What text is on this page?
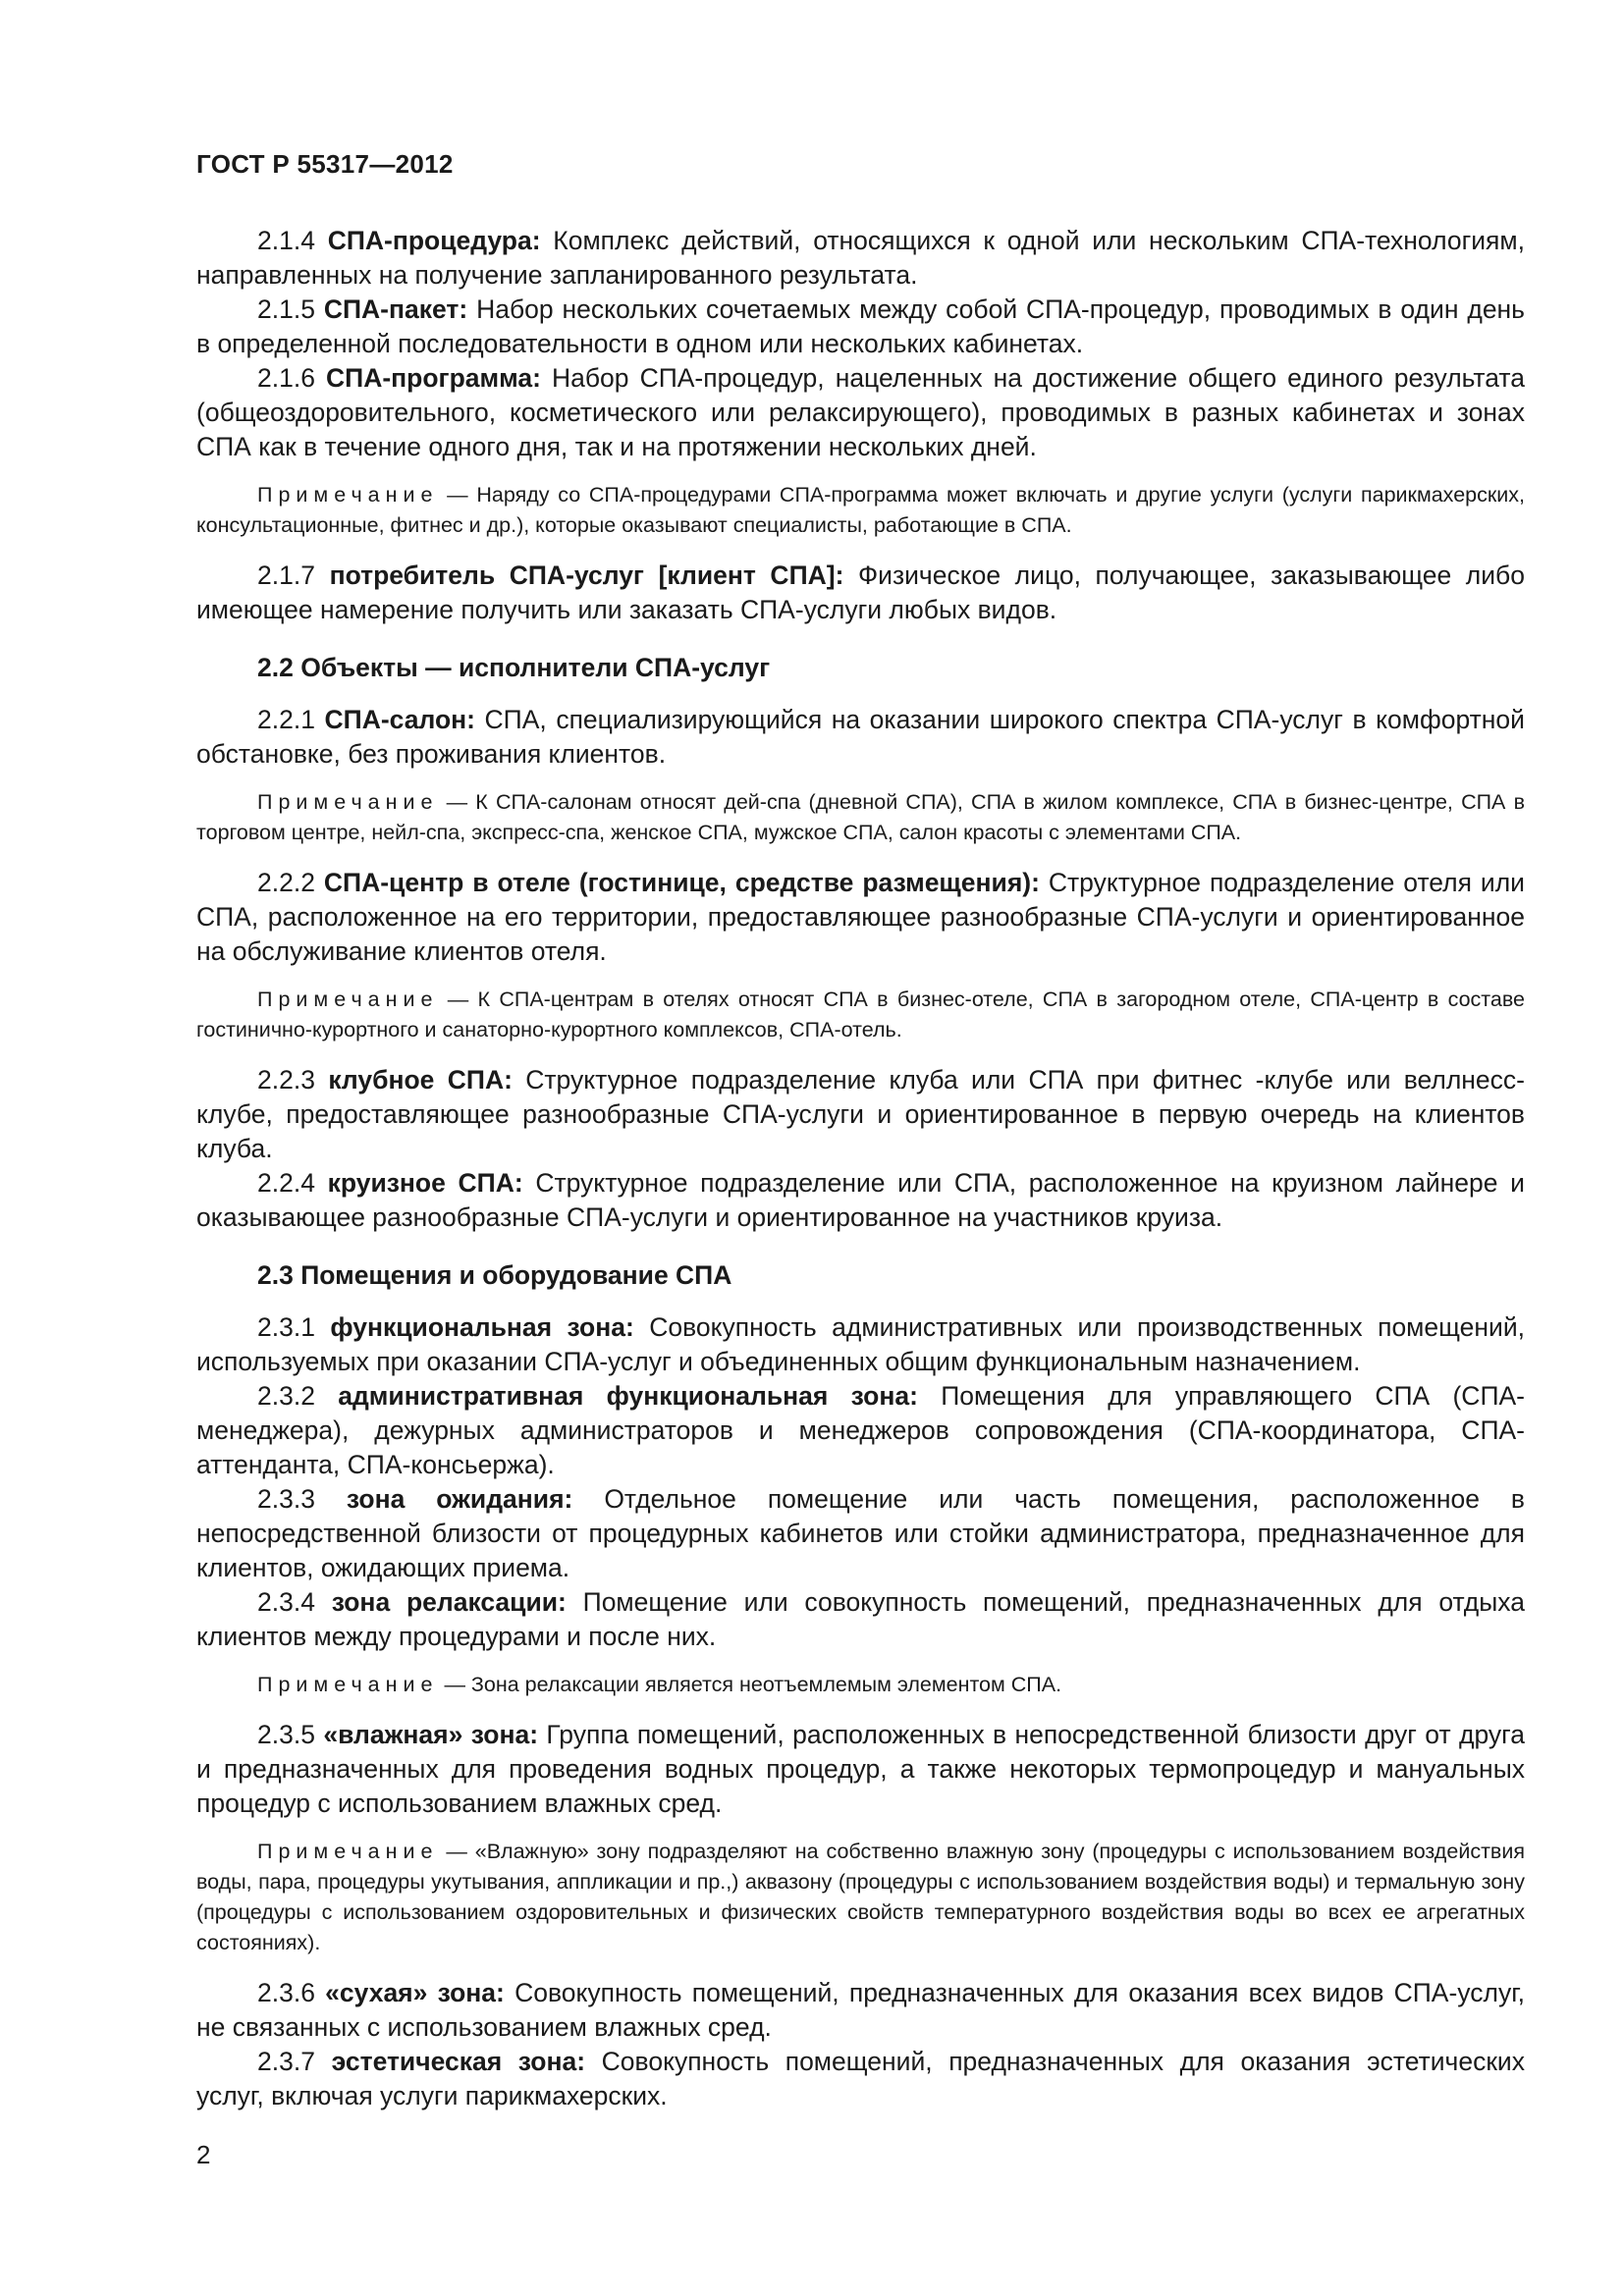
ГОСТ Р 55317—2012

2.1.4 СПА-процедура: Комплекс действий, относящихся к одной или нескольким СПА-технологиям, направленных на получение запланированного результата.

2.1.5 СПА-пакет: Набор нескольких сочетаемых между собой СПА-процедур, проводимых в один день в определенной последовательности в одном или нескольких кабинетах.

2.1.6 СПА-программа: Набор СПА-процедур, нацеленных на достижение общего единого результата (общеоздоровительного, косметического или релаксирующего), проводимых в разных кабинетах и зонах СПА как в течение одного дня, так и на протяжении нескольких дней.

Примечание — Наряду со СПА-процедурами СПА-программа может включать и другие услуги (услуги парикмахерских, консультационные, фитнес и др.), которые оказывают специалисты, работающие в СПА.

2.1.7 потребитель СПА-услуг [клиент СПА]: Физическое лицо, получающее, заказывающее либо имеющее намерение получить или заказать СПА-услуги любых видов.

2.2 Объекты — исполнители СПА-услуг

2.2.1 СПА-салон: СПА, специализирующийся на оказании широкого спектра СПА-услуг в комфортной обстановке, без проживания клиентов.

Примечание — К СПА-салонам относят дей-спа (дневной СПА), СПА в жилом комплексе, СПА в бизнес-центре, СПА в торговом центре, нейл-спа, экспресс-спа, женское СПА, мужское СПА, салон красоты с элементами СПА.

2.2.2 СПА-центр в отеле (гостинице, средстве размещения): Структурное подразделение отеля или СПА, расположенное на его территории, предоставляющее разнообразные СПА-услуги и ориентированное на обслуживание клиентов отеля.

Примечание — К СПА-центрам в отелях относят СПА в бизнес-отеле, СПА в загородном отеле, СПА-центр в составе гостинично-курортного и санаторно-курортного комплексов, СПА-отель.

2.2.3 клубное СПА: Структурное подразделение клуба или СПА при фитнес -клубе или веллнесс-клубе, предоставляющее разнообразные СПА-услуги и ориентированное в первую очередь на клиентов клуба.

2.2.4 круизное СПА: Структурное подразделение или СПА, расположенное на круизном лайнере и оказывающее разнообразные СПА-услуги и ориентированное на участников круиза.

2.3 Помещения и оборудование СПА

2.3.1 функциональная зона: Совокупность административных или производственных помещений, используемых при оказании СПА-услуг и объединенных общим функциональным назначением.

2.3.2 административная функциональная зона: Помещения для управляющего СПА (СПА-менеджера), дежурных администраторов и менеджеров сопровождения (СПА-координатора, СПА-аттенданта, СПА-консьержа).

2.3.3 зона ожидания: Отдельное помещение или часть помещения, расположенное в непосредственной близости от процедурных кабинетов или стойки администратора, предназначенное для клиентов, ожидающих приема.

2.3.4 зона релаксации: Помещение или совокупность помещений, предназначенных для отдыха клиентов между процедурами и после них.

Примечание — Зона релаксации является неотъемлемым элементом СПА.

2.3.5 «влажная» зона: Группа помещений, расположенных в непосредственной близости друг от друга и предназначенных для проведения водных процедур, а также некоторых термопроцедур и мануальных процедур с использованием влажных сред.

Примечание — «Влажную» зону подразделяют на собственно влажную зону (процедуры с использованием воздействия воды, пара, процедуры укутывания, аппликации и пр.,) аквазону (процедуры с использованием воздействия воды) и термальную зону (процедуры с использованием оздоровительных и физических свойств температурного воздействия воды во всех ее агрегатных состояниях).

2.3.6 «сухая» зона: Совокупность помещений, предназначенных для оказания всех видов СПА-услуг, не связанных с использованием влажных сред.

2.3.7 эстетическая зона: Совокупность помещений, предназначенных для оказания эстетических услуг, включая услуги парикмахерских.

2
